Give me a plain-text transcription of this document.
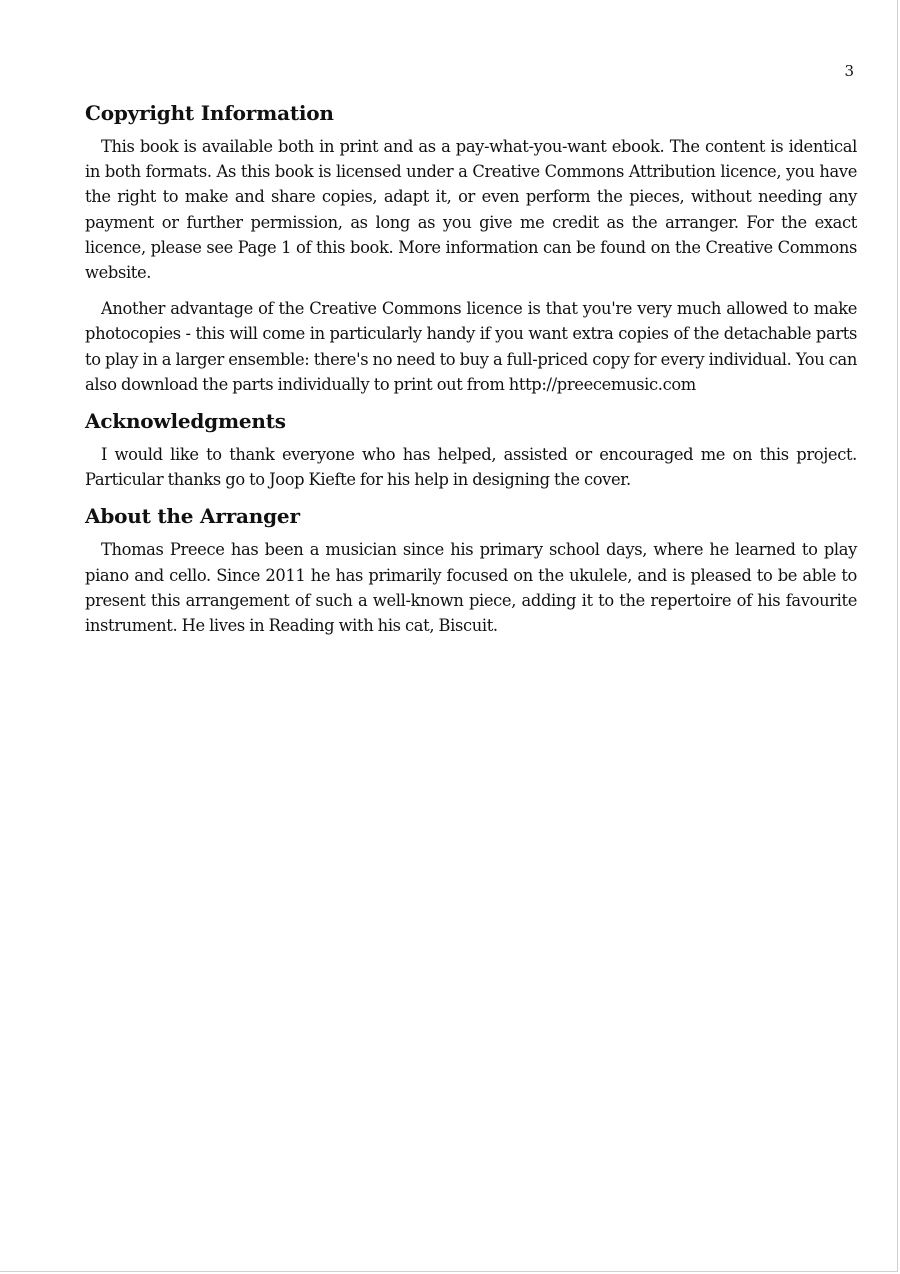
3
Copyright Information

This book is available both in print and as a pay-what-you-want ebook. The content is identical in both formats. As this book is licensed under a Creative Commons Attribution licence, you have the right to make and share copies, adapt it, or even perform the pieces, without needing any payment or further permission, as long as you give me credit as the arranger. For the exact licence, please see Page 1 of this book. More information can be found on the Creative Commons website.

Another advantage of the Creative Commons licence is that you're very much allowed to make photocopies - this will come in particularly handy if you want extra copies of the detachable parts to play in a larger ensemble: there's no need to buy a full-priced copy for every individual. You can also download the parts individually to print out from http://preecemusic.com

Acknowledgments

I would like to thank everyone who has helped, assisted or encouraged me on this project. Particular thanks go to Joop Kiefte for his help in designing the cover.

About the Arranger

Thomas Preece has been a musician since his primary school days, where he learned to play piano and cello. Since 2011 he has primarily focused on the ukulele, and is pleased to be able to present this arrangement of such a well-known piece, adding it to the repertoire of his favourite instrument. He lives in Reading with his cat, Biscuit.
